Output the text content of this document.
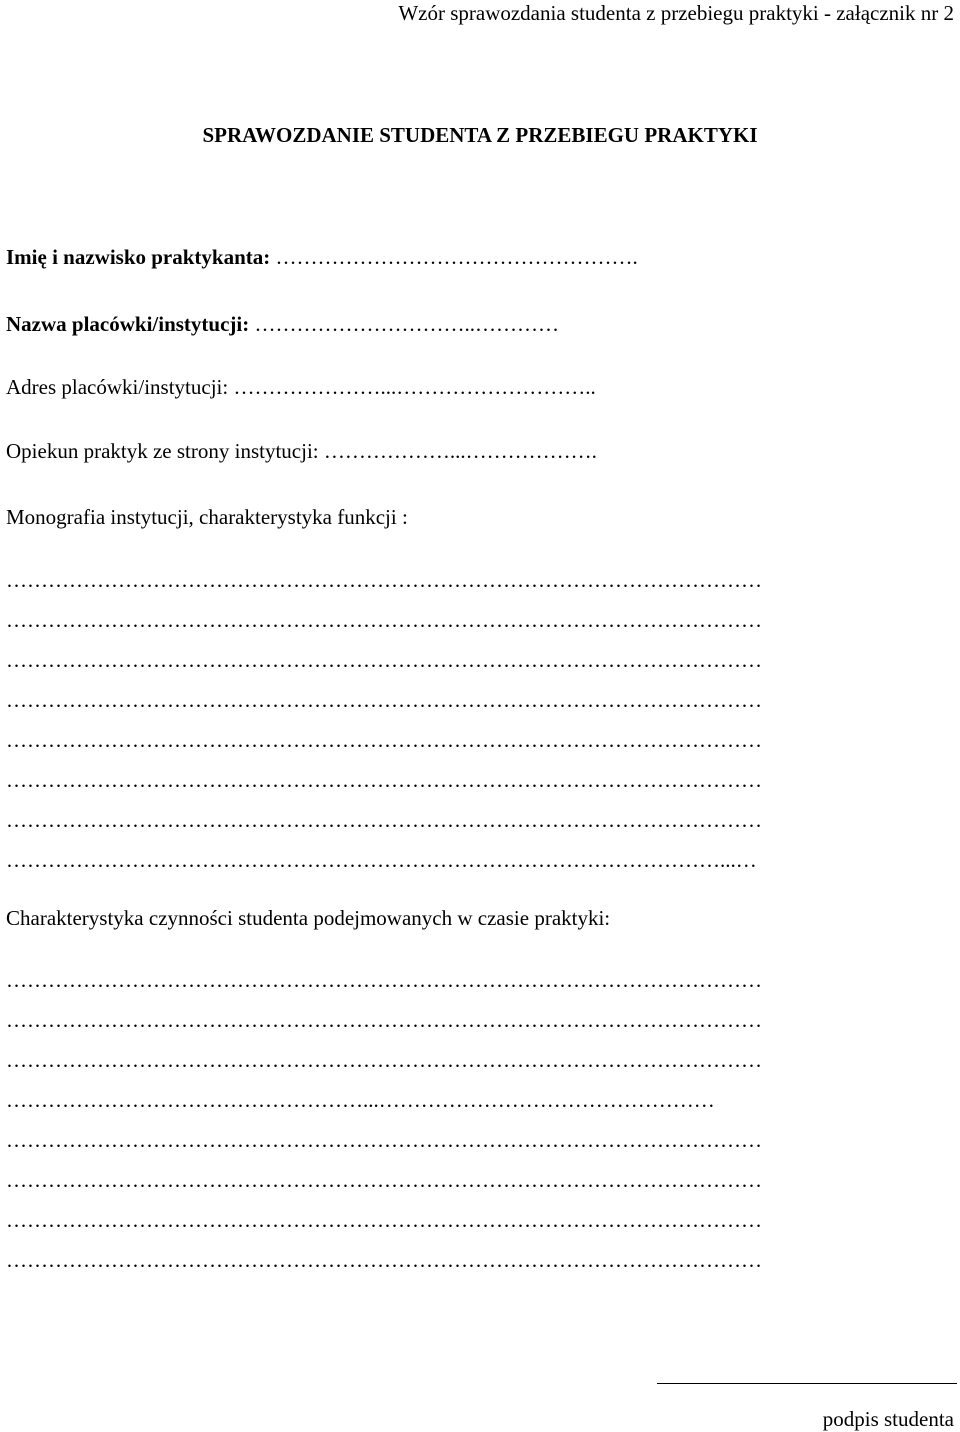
Wzór sprawozdania studenta z przebiegu praktyki - załącznik nr 2
SPRAWOZDANIE STUDENTA Z PRZEBIEGU PRAKTYKI
Imię i nazwisko praktykanta: …………………………………………….
Nazwa placówki/instytucji: …………………………..…………
Adres placówki/instytucji: …………………...………………………..
Opiekun praktyk ze strony instytucji: ………………...……………….
Monografia instytucji, charakterystyka funkcji :
………………………………………………………………………………………………
………………………………………………………………………………………………
………………………………………………………………………………………………
………………………………………………………………………………………………
………………………………………………………………………………………………
………………………………………………………………………………………………
………………………………………………………………………………………………
…………………………………………………………………………………………...…
Charakterystyka czynności studenta podejmowanych w czasie praktyki:
………………………………………………………………………………………………
………………………………………………………………………………………………
………………………………………………………………………………………………
……………………………………………...…………………………………………
………………………………………………………………………………………………
………………………………………………………………………………………………
………………………………………………………………………………………………
………………………………………………………………………………………………
podpis studenta
